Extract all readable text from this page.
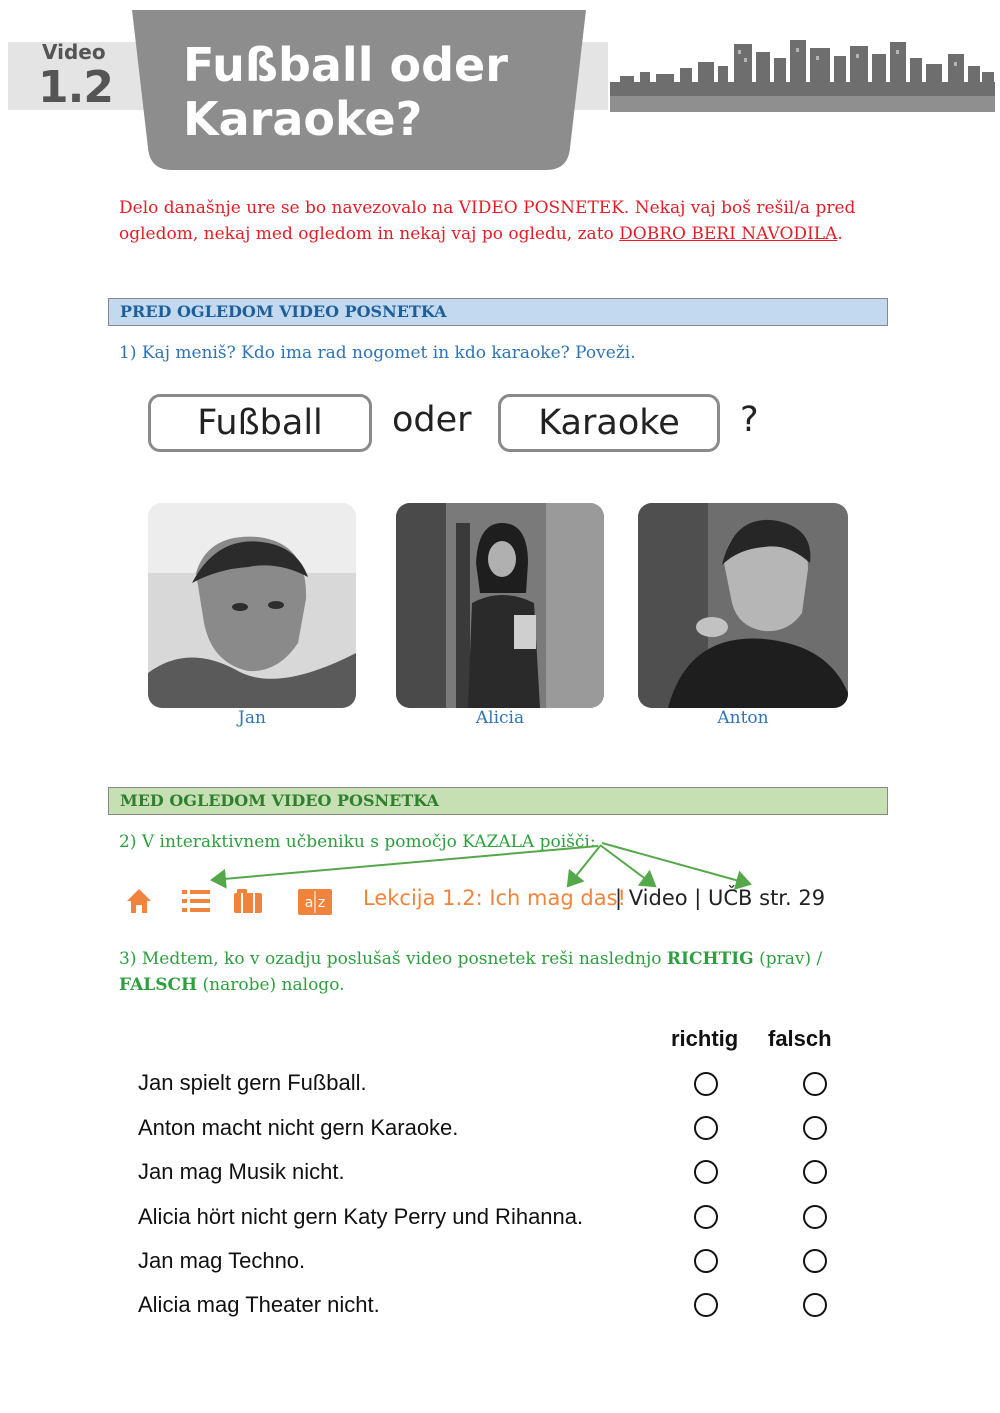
Video
1.2 Fußball oder
Karaoke?
Delo današnje ure se bo navezovalo na VIDEO POSNETEK. Nekaj vaj boš rešil/a pred ogledom, nekaj med ogledom in nekaj vaj po ogledu, zato DOBRO BERI NAVODILA.
PRED OGLEDOM VIDEO POSNETKA
1) Kaj meniš? Kdo ima rad nogomet in kdo karaoke? Poveži.
Fußball	oder	Karaoke	?
Jan	Alicia	Anton
MED OGLEDOM VIDEO POSNETKA
2) V interaktivnem učbeniku s pomočjo KAZALA poišči:
a z Lekcija 1.2: Ich mag das!
| Video | UČB str. 29
3) Medtem, ko v ozadju poslušaš video posnetek reši naslednjo RICHTIG (prav) / FALSCH (narobe) nalogo.
richtig falsch
Jan spielt gern Fußball.
Anton macht nicht gern Karaoke.
Jan mag Musik nicht.
Alicia hört nicht gern Katy Perry und Rihanna.
Jan mag Techno.
Alicia mag Theater nicht.
